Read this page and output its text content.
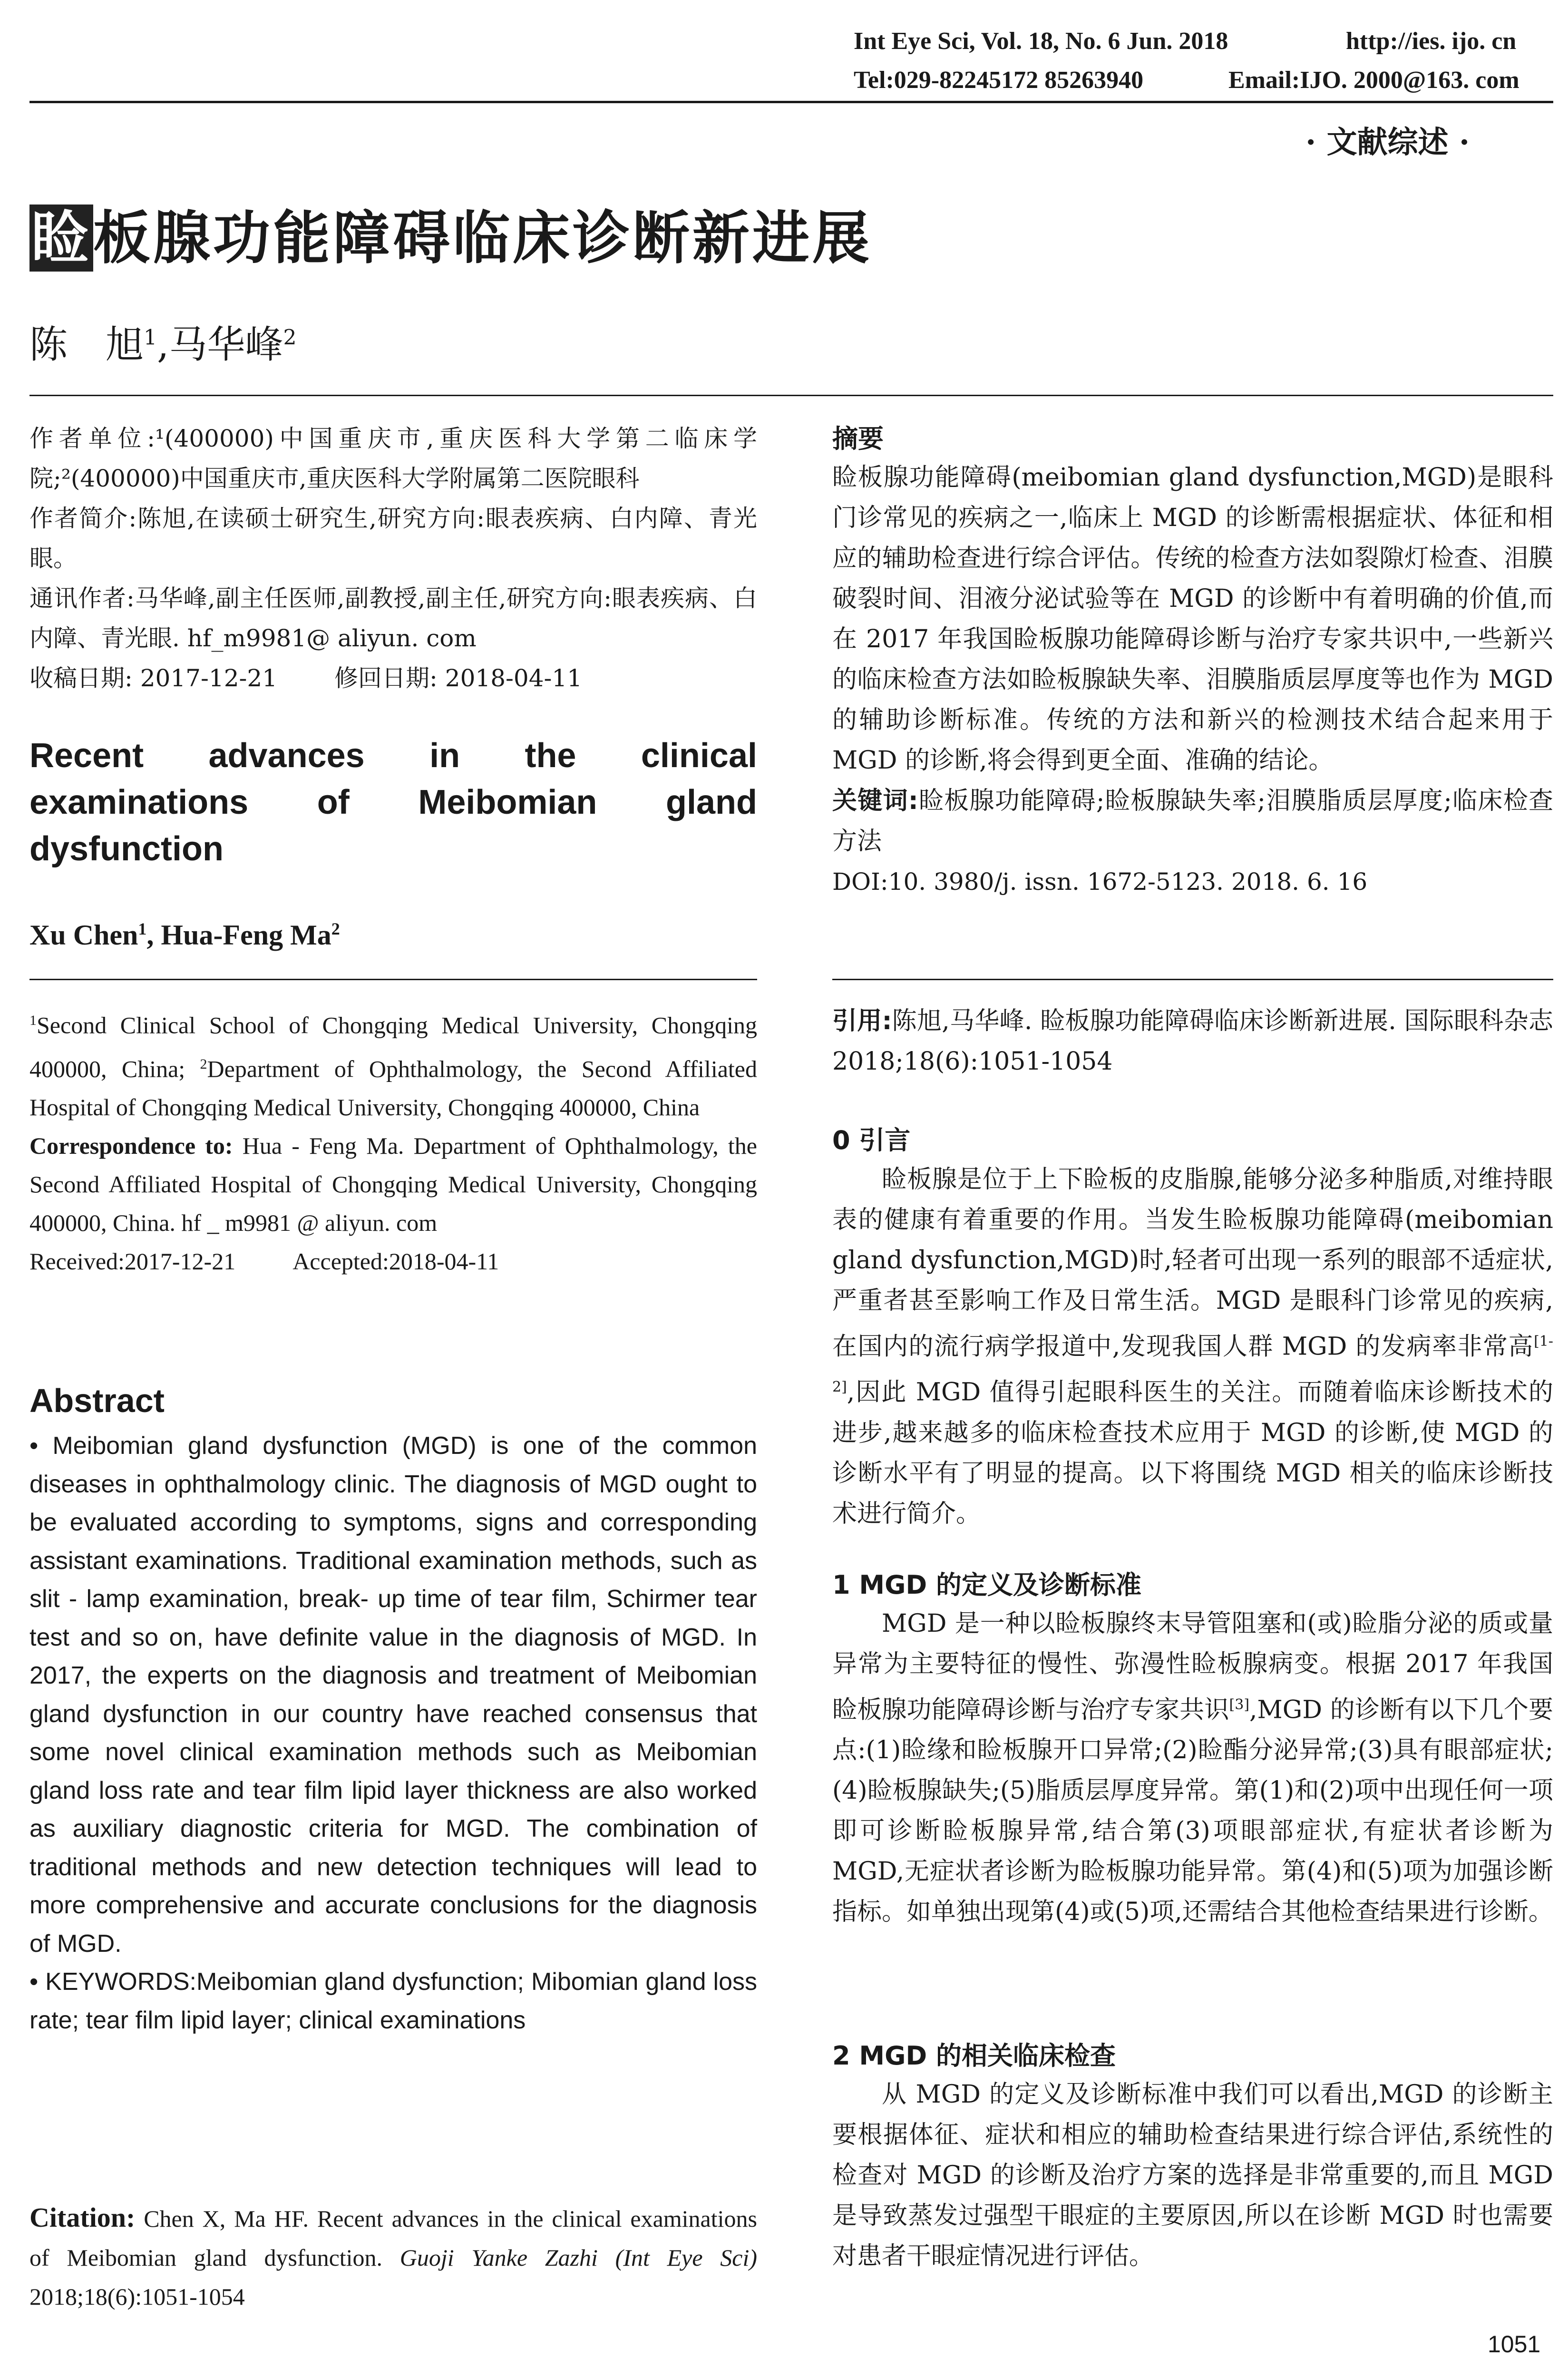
Int Eye Sci, Vol. 18, No. 6 Jun. 2018	http://ies. ijo. cn
Tel:029-82245172 85263940	Email:IJO. 2000@163. com
· 文献综述 ·
睑板腺功能障碍临床诊断新进展
陈　旭$^1$,马华峰$^2$
作者单位:¹(400000)中国重庆市,重庆医科大学第二临床学院;²(400000)中国重庆市,重庆医科大学附属第二医院眼科
作者简介:陈旭,在读硕士研究生,研究方向:眼表疾病、白内障、青光眼。
通讯作者:马华峰,副主任医师,副教授,副主任,研究方向:眼表疾病、白内障、青光眼. hf_m9981@ aliyun. com
收稿日期: 2017-12-21 修回日期: 2018-04-11
Recent advances in the clinical examinations of Meibomian gland dysfunction
Xu Chen$^1$, Hua-Feng Ma$^2$
$^1$Second Clinical School of Chongqing Medical University, Chongqing 400000, China; $^2$Department of Ophthalmology, the Second Affiliated Hospital of Chongqing Medical University, Chongqing 400000, China
Correspondence to: Hua - Feng Ma. Department of Ophthalmology, the Second Affiliated Hospital of Chongqing Medical University, Chongqing 400000, China. hf _ m9981 @ aliyun. com
Received:2017-12-21 Accepted:2018-04-11
Abstract
• Meibomian gland dysfunction (MGD) is one of the common diseases in ophthalmology clinic. The diagnosis of MGD ought to be evaluated according to symptoms, signs and corresponding assistant examinations. Traditional examination methods, such as slit - lamp examination, break- up time of tear film, Schirmer tear test and so on, have definite value in the diagnosis of MGD. In 2017, the experts on the diagnosis and treatment of Meibomian gland dysfunction in our country have reached consensus that some novel clinical examination methods such as Meibomian gland loss rate and tear film lipid layer thickness are also worked as auxiliary diagnostic criteria for MGD. The combination of traditional methods and new detection techniques will lead to more comprehensive and accurate conclusions for the diagnosis of MGD.
• KEYWORDS:Meibomian gland dysfunction; Mibomian gland loss rate; tear film lipid layer; clinical examinations
Citation: Chen X, Ma HF. Recent advances in the clinical examinations of Meibomian gland dysfunction. Guoji Yanke Zazhi (Int Eye Sci) 2018;18(6):1051-1054
摘要
睑板腺功能障碍(meibomian gland dysfunction,MGD)是眼科门诊常见的疾病之一,临床上 MGD 的诊断需根据症状、体征和相应的辅助检查进行综合评估。传统的检查方法如裂隙灯检查、泪膜破裂时间、泪液分泌试验等在 MGD 的诊断中有着明确的价值,而在 2017 年我国睑板腺功能障碍诊断与治疗专家共识中,一些新兴的临床检查方法如睑板腺缺失率、泪膜脂质层厚度等也作为 MGD 的辅助诊断标准。传统的方法和新兴的检测技术结合起来用于 MGD 的诊断,将会得到更全面、准确的结论。
关键词:睑板腺功能障碍;睑板腺缺失率;泪膜脂质层厚度;临床检查方法
DOI:10. 3980/j. issn. 1672-5123. 2018. 6. 16
引用:陈旭,马华峰. 睑板腺功能障碍临床诊断新进展. 国际眼科杂志 2018;18(6):1051-1054
0 引言

睑板腺是位于上下睑板的皮脂腺,能够分泌多种脂质,对维持眼表的健康有着重要的作用。当发生睑板腺功能障碍(meibomian gland dysfunction,MGD)时,轻者可出现一系列的眼部不适症状,严重者甚至影响工作及日常生活。MGD 是眼科门诊常见的疾病,在国内的流行病学报道中,发现我国人群 MGD 的发病率非常高[1-2],因此 MGD 值得引起眼科医生的关注。而随着临床诊断技术的进步,越来越多的临床检查技术应用于 MGD 的诊断,使 MGD 的诊断水平有了明显的提高。以下将围绕 MGD 相关的临床诊断技术进行简介。

1 MGD 的定义及诊断标准

MGD 是一种以睑板腺终末导管阻塞和(或)睑脂分泌的质或量异常为主要特征的慢性、弥漫性睑板腺病变。根据 2017 年我国睑板腺功能障碍诊断与治疗专家共识[3],MGD 的诊断有以下几个要点:(1)睑缘和睑板腺开口异常;(2)睑酯分泌异常;(3)具有眼部症状;(4)睑板腺缺失;(5)脂质层厚度异常。第(1)和(2)项中出现任何一项即可诊断睑板腺异常,结合第(3)项眼部症状,有症状者诊断为 MGD,无症状者诊断为睑板腺功能异常。第(4)和(5)项为加强诊断指标。如单独出现第(4)或(5)项,还需结合其他检查结果进行诊断。

2 MGD 的相关临床检查

从 MGD 的定义及诊断标准中我们可以看出,MGD 的诊断主要根据体征、症状和相应的辅助检查结果进行综合评估,系统性的检查对 MGD 的诊断及治疗方案的选择是非常重要的,而且 MGD 是导致蒸发过强型干眼症的主要原因,所以在诊断 MGD 时也需要对患者干眼症情况进行评估。

1051
